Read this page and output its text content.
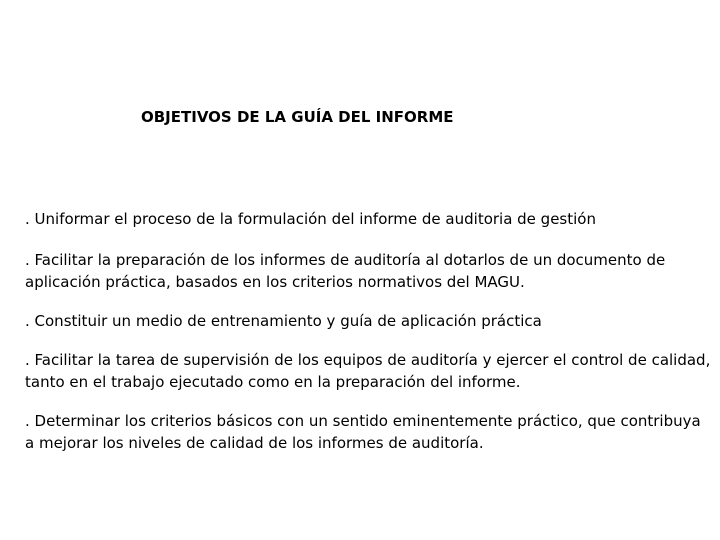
OBJETIVOS DE LA GUÍA DEL INFORME
. Uniformar el proceso de la formulación del informe de auditoria de gestión
. Facilitar la preparación de los informes de auditoría al dotarlos de un documento de aplicación práctica, basados en los criterios normativos del MAGU.
. Constituir un medio de entrenamiento y guía de aplicación práctica
. Facilitar la tarea de supervisión de los equipos de auditoría y ejercer el control de calidad, tanto en el trabajo ejecutado como en la preparación del informe.
. Determinar los criterios básicos con un sentido eminentemente práctico, que contribuya a mejorar los niveles de calidad de los informes de auditoría.
